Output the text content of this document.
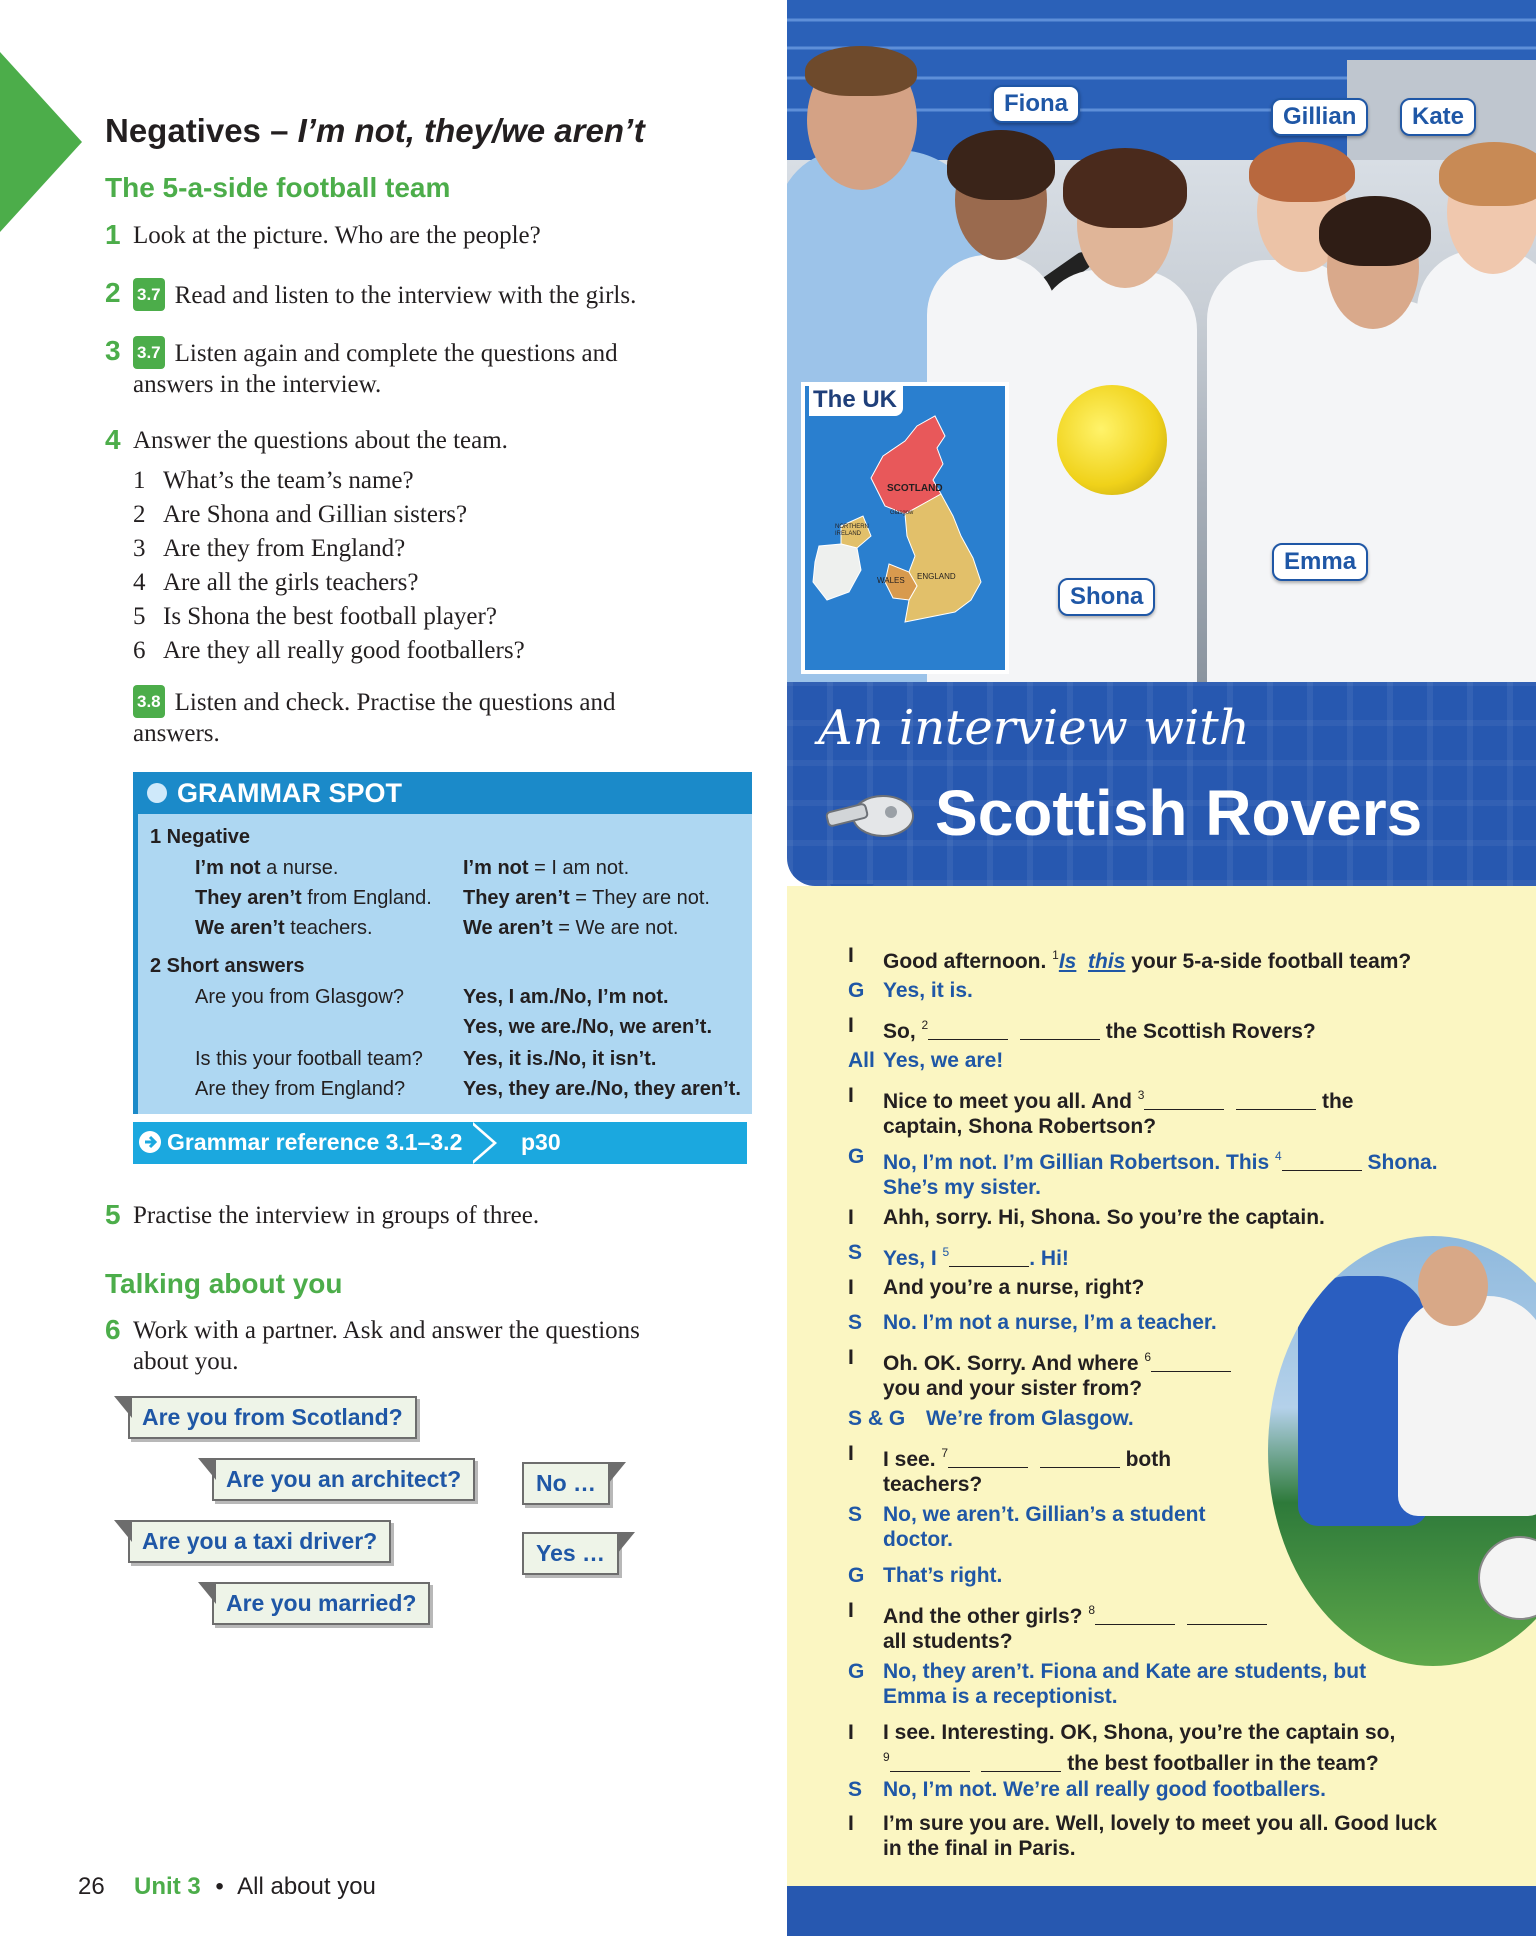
Negatives – I’m not, they/we aren’t
The 5-a-side football team
1 Look at the picture. Who are the people?
2 3.7 Read and listen to the interview with the girls.
3 3.7 Listen again and complete the questions and
answers in the interview.
4 Answer the questions about the team.
1 What’s the team’s name?
2 Are Shona and Gillian sisters?
3 Are they from England?
4 Are all the girls teachers?
5 Is Shona the best football player?
6 Are they all really good footballers?
3.8 Listen and check. Practise the questions and
answers.
GRAMMAR SPOT
1 Negative
I’m not a nurse.	I’m not = I am not.
They aren’t from England. They aren’t = They are not.
We aren’t teachers.	We aren’t = We are not.
2 Short answers
Are you from Glasgow?	Yes, I am./No, I’m not.
Yes, we are./No, we aren’t.
Is this your football team? Yes, it is./No, it isn’t.
Are they from England?	Yes, they are./No, they aren’t.
Grammar reference 3.1–3.2	p30
5 Practise the interview in groups of three.
Talking about you
6 Work with a partner. Ask and answer the questions
about you.
Are you from Scotland?
Are you an architect?
Are you a taxi driver?
Are you married?
No …
Yes …
26 Unit 3 • All about you
Fiona	Gillian	Kate
Emma
Shona
The UK
SCOTLAND
Glasgow
NORTHERN IRELAND
WALES ENGLAND
An interview with
Scottish Rovers
I Good afternoon. $^1$Is this your 5-a-side football team?
G Yes, it is.
I So, $^2$	the Scottish Rovers?
All Yes, we are!
I Nice to meet you all. And $^3$	the
captain, Shona Robertson?
G No, I’m not. I’m Gillian Robertson. This $^4$	Shona.
She’s my sister.
I Ahh, sorry. Hi, Shona. So you’re the captain.
S Yes, I $^5$	. Hi!
I And you’re a nurse, right?
S No. I’m not a nurse, I’m a teacher.
I Oh. OK. Sorry. And where $^6$
you and your sister from?
S & G We’re from Glasgow.
I I see. $^7$	both
teachers?
S No, we aren’t. Gillian’s a student
doctor.
G That’s right.
I And the other girls? $^8$
all students?
G No, they aren’t. Fiona and Kate are students, but
Emma is a receptionist.
I I see. Interesting. OK, Shona, you’re the captain so,
$^9$	the best footballer in the team?
S No, I’m not. We’re all really good footballers.
I I’m sure you are. Well, lovely to meet you all. Good luck
in the final in Paris.
